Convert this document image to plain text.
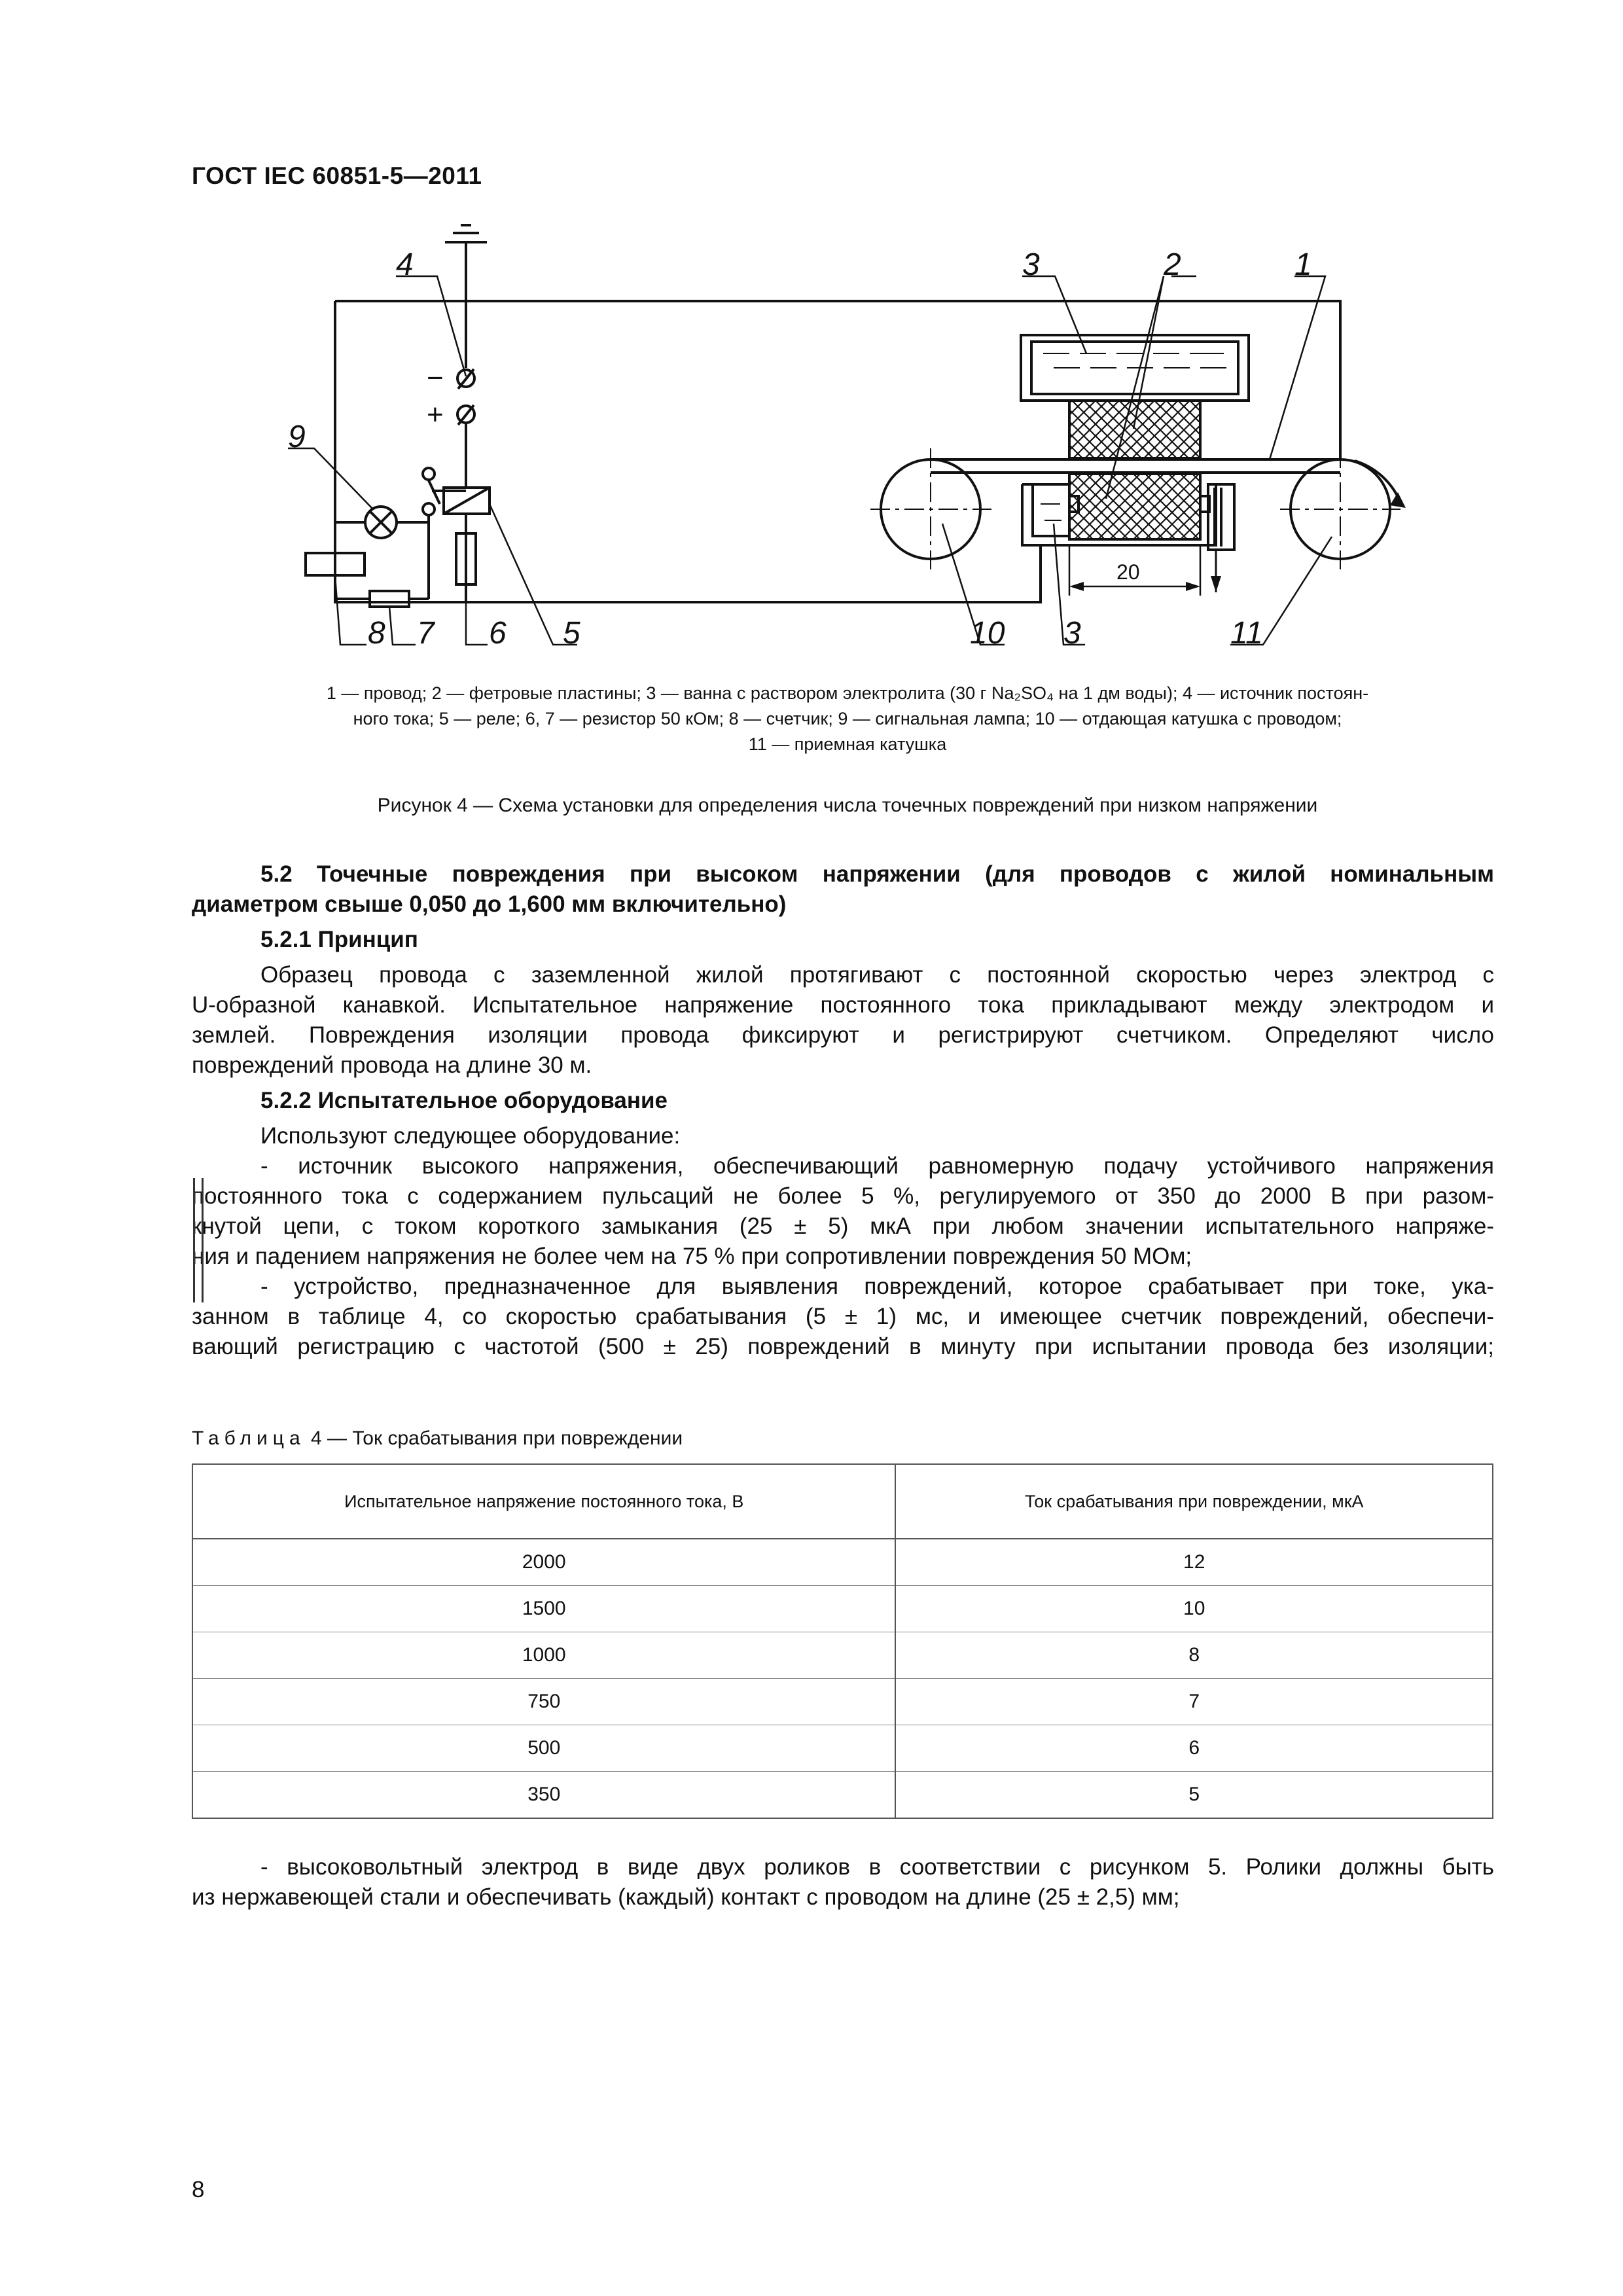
ГОСТ IEC 60851-5—2011
4
9
3	2	1
8 7 6 5	10 3	11
−
+
20

1 — провод; 2 — фетровые пластины; 3 — ванна с раствором электролита (30 г Na₂SO₄ на 1 дм воды); 4 — источник постоян-

ного тока; 5 — реле; 6, 7 — резистор 50 кОм; 8 — счетчик; 9 — сигнальная лампа; 10 — отдающая катушка с проводом;

11 — приемная катушка

Рисунок 4 — Схема установки для определения числа точечных повреждений при низком напряжении

5.2 Точечные повреждения при высоком напряжении (для проводов с жилой номинальным

диаметром свыше 0,050 до 1,600 мм включительно)

5.2.1 Принцип

Образец провода с заземленной жилой протягивают с постоянной скоростью через электрод с

U-образной канавкой. Испытательное напряжение постоянного тока прикладывают между электродом и

землей. Повреждения изоляции провода фиксируют и регистрируют счетчиком. Определяют число

повреждений провода на длине 30 м.

5.2.2 Испытательное оборудование

Используют следующее оборудование:

- источник высокого напряжения, обеспечивающий равномерную подачу устойчивого напряжения

постоянного тока с содержанием пульсаций не более 5 %, регулируемого от 350 до 2000 В при разом-

кнутой цепи, с током короткого замыкания (25 ± 5) мкА при любом значении испытательного напряже-

ния и падением напряжения не более чем на 75 % при сопротивлении повреждения 50 МОм;

- устройство, предназначенное для выявления повреждений, которое срабатывает при токе, ука-

занном в таблице 4, со скоростью срабатывания (5 ± 1) мс, и имеющее счетчик повреждений, обеспечи-

вающий регистрацию с частотой (500 ± 25) повреждений в минуту при испытании провода без изоляции;

Таблица 4 — Ток срабатывания при повреждении
Испытательное напряжение постоянного тока, В	Ток срабатывания при повреждении, мкА
2000	12
1500	10
1000	8
750	7
500	6
350	5

- высоковольтный электрод в виде двух роликов в соответствии с рисунком 5. Ролики должны быть

из нержавеющей стали и обеспечивать (каждый) контакт с проводом на длине (25 ± 2,5) мм;

8
